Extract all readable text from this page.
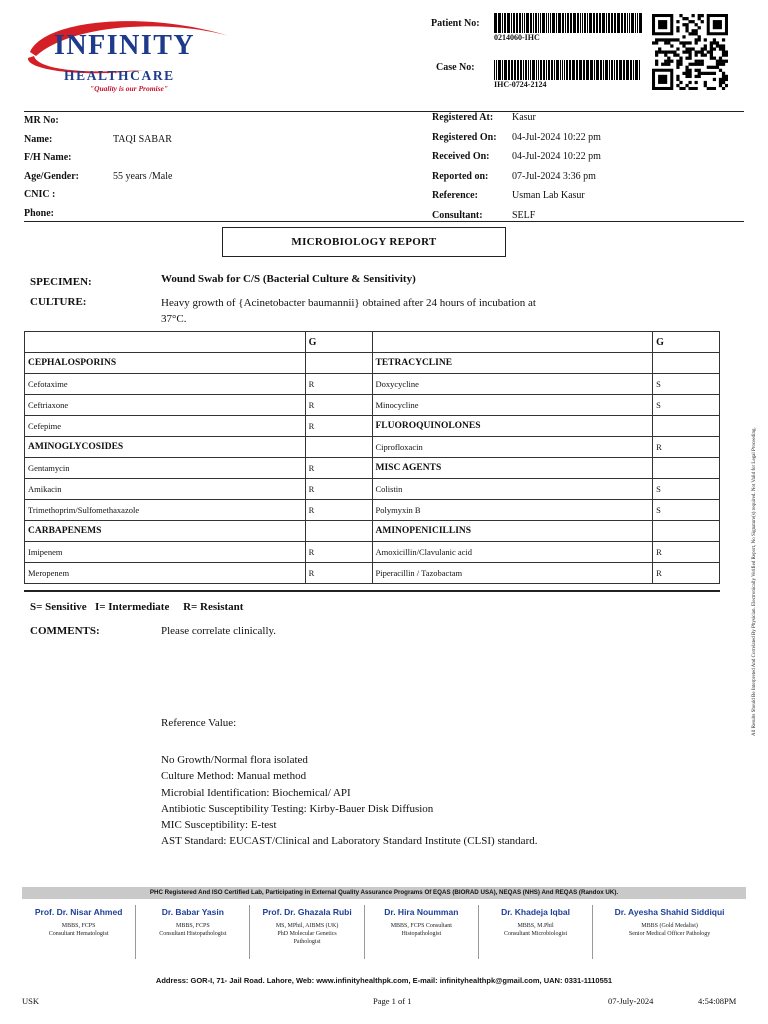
INFINITY
HEALTHCARE
"Quality is our Promise"
Patient No:
0214060-IHC
Case No:
IHC-0724-2124
MR No:
Name:	TAQI SABAR
F/H Name:
Age/Gender:	55 years /Male
CNIC :
Phone:
Registered At: Kasur
Registered On: 04-Jul-2024 10:22 pm
Received On: 04-Jul-2024 10:22 pm
Reported on: 07-Jul-2024 3:36 pm
Reference:	Usman Lab Kasur
Consultant:	SELF
MICROBIOLOGY REPORT
SPECIMEN:	Wound Swab for C/S (Bacterial Culture & Sensitivity)
CULTURE:	Heavy growth of {Acinetobacter baumannii} obtained after 24 hours of incubation at
37°C.
	G		G
CEPHALOSPORINS		TETRACYCLINE	
Cefotaxime	R	Doxycycline	S
Ceftriaxone	R	Minocycline	S
Cefepime	R	FLUOROQUINOLONES	
AMINOGLYCOSIDES		Ciprofloxacin	R
Gentamycin	R	MISC AGENTS	
Amikacin	R	Colistin	S
Trimethoprim/Sulfomethaxazole	R	Polymyxin B	S
CARBAPENEMS		AMINOPENICILLINS	
Imipenem	R	Amoxicillin/Clavulanic acid	R
Meropenem	R	Piperacillin / Tazobactam	R
S= Sensitive   I= Intermediate     R= Resistant
COMMENTS:	Please correlate clinically.
Reference Value:
No Growth/Normal flora isolated
Culture Method: Manual method
Microbial Identification: Biochemical/ API
Antibiotic Susceptibility Testing: Kirby-Bauer Disk Diffusion
MIC Susceptibility: E-test
AST Standard: EUCAST/Clinical and Laboratory Standard Institute (CLSI) standard.
All Results Should Be Interpreted And Correlated By Physician. Electronically Verified Report, No Signature(s) required. Not Valid for Legal Proceeding.
PHC Registered And ISO Certified Lab, Participating in External Quality Assurance Programs Of EQAS (BIORAD USA), NEQAS (NHS) And REQAS (Randox UK).
Prof. Dr. Nisar Ahmed
MBBS, FCPS
Consultant Hematologist
Dr. Babar Yasin
MBBS, FCPS
Consultant Histopathologist
Prof. Dr. Ghazala Rubi
MS, MPhil, AIBMS (UK)
PhD Molecular Genetics
Pathologist
Dr. Hira Noumman
MBBS, FCPS Consultant
Histopathologist
Dr. Khadeja Iqbal
MBBS, M.Phil
Consultant Microbiologist
Dr. Ayesha Shahid Siddiqui
MBBS (Gold Medalist)
Senior Medical Officer Pathology
Address: GOR-I, 71- Jail Road. Lahore, Web: www.infinityhealthpk.com, E-mail: infinityhealthpk@gmail.com, UAN: 0331-1110551
USK	Page 1 of 1	07-July-2024	4:54:08PM
